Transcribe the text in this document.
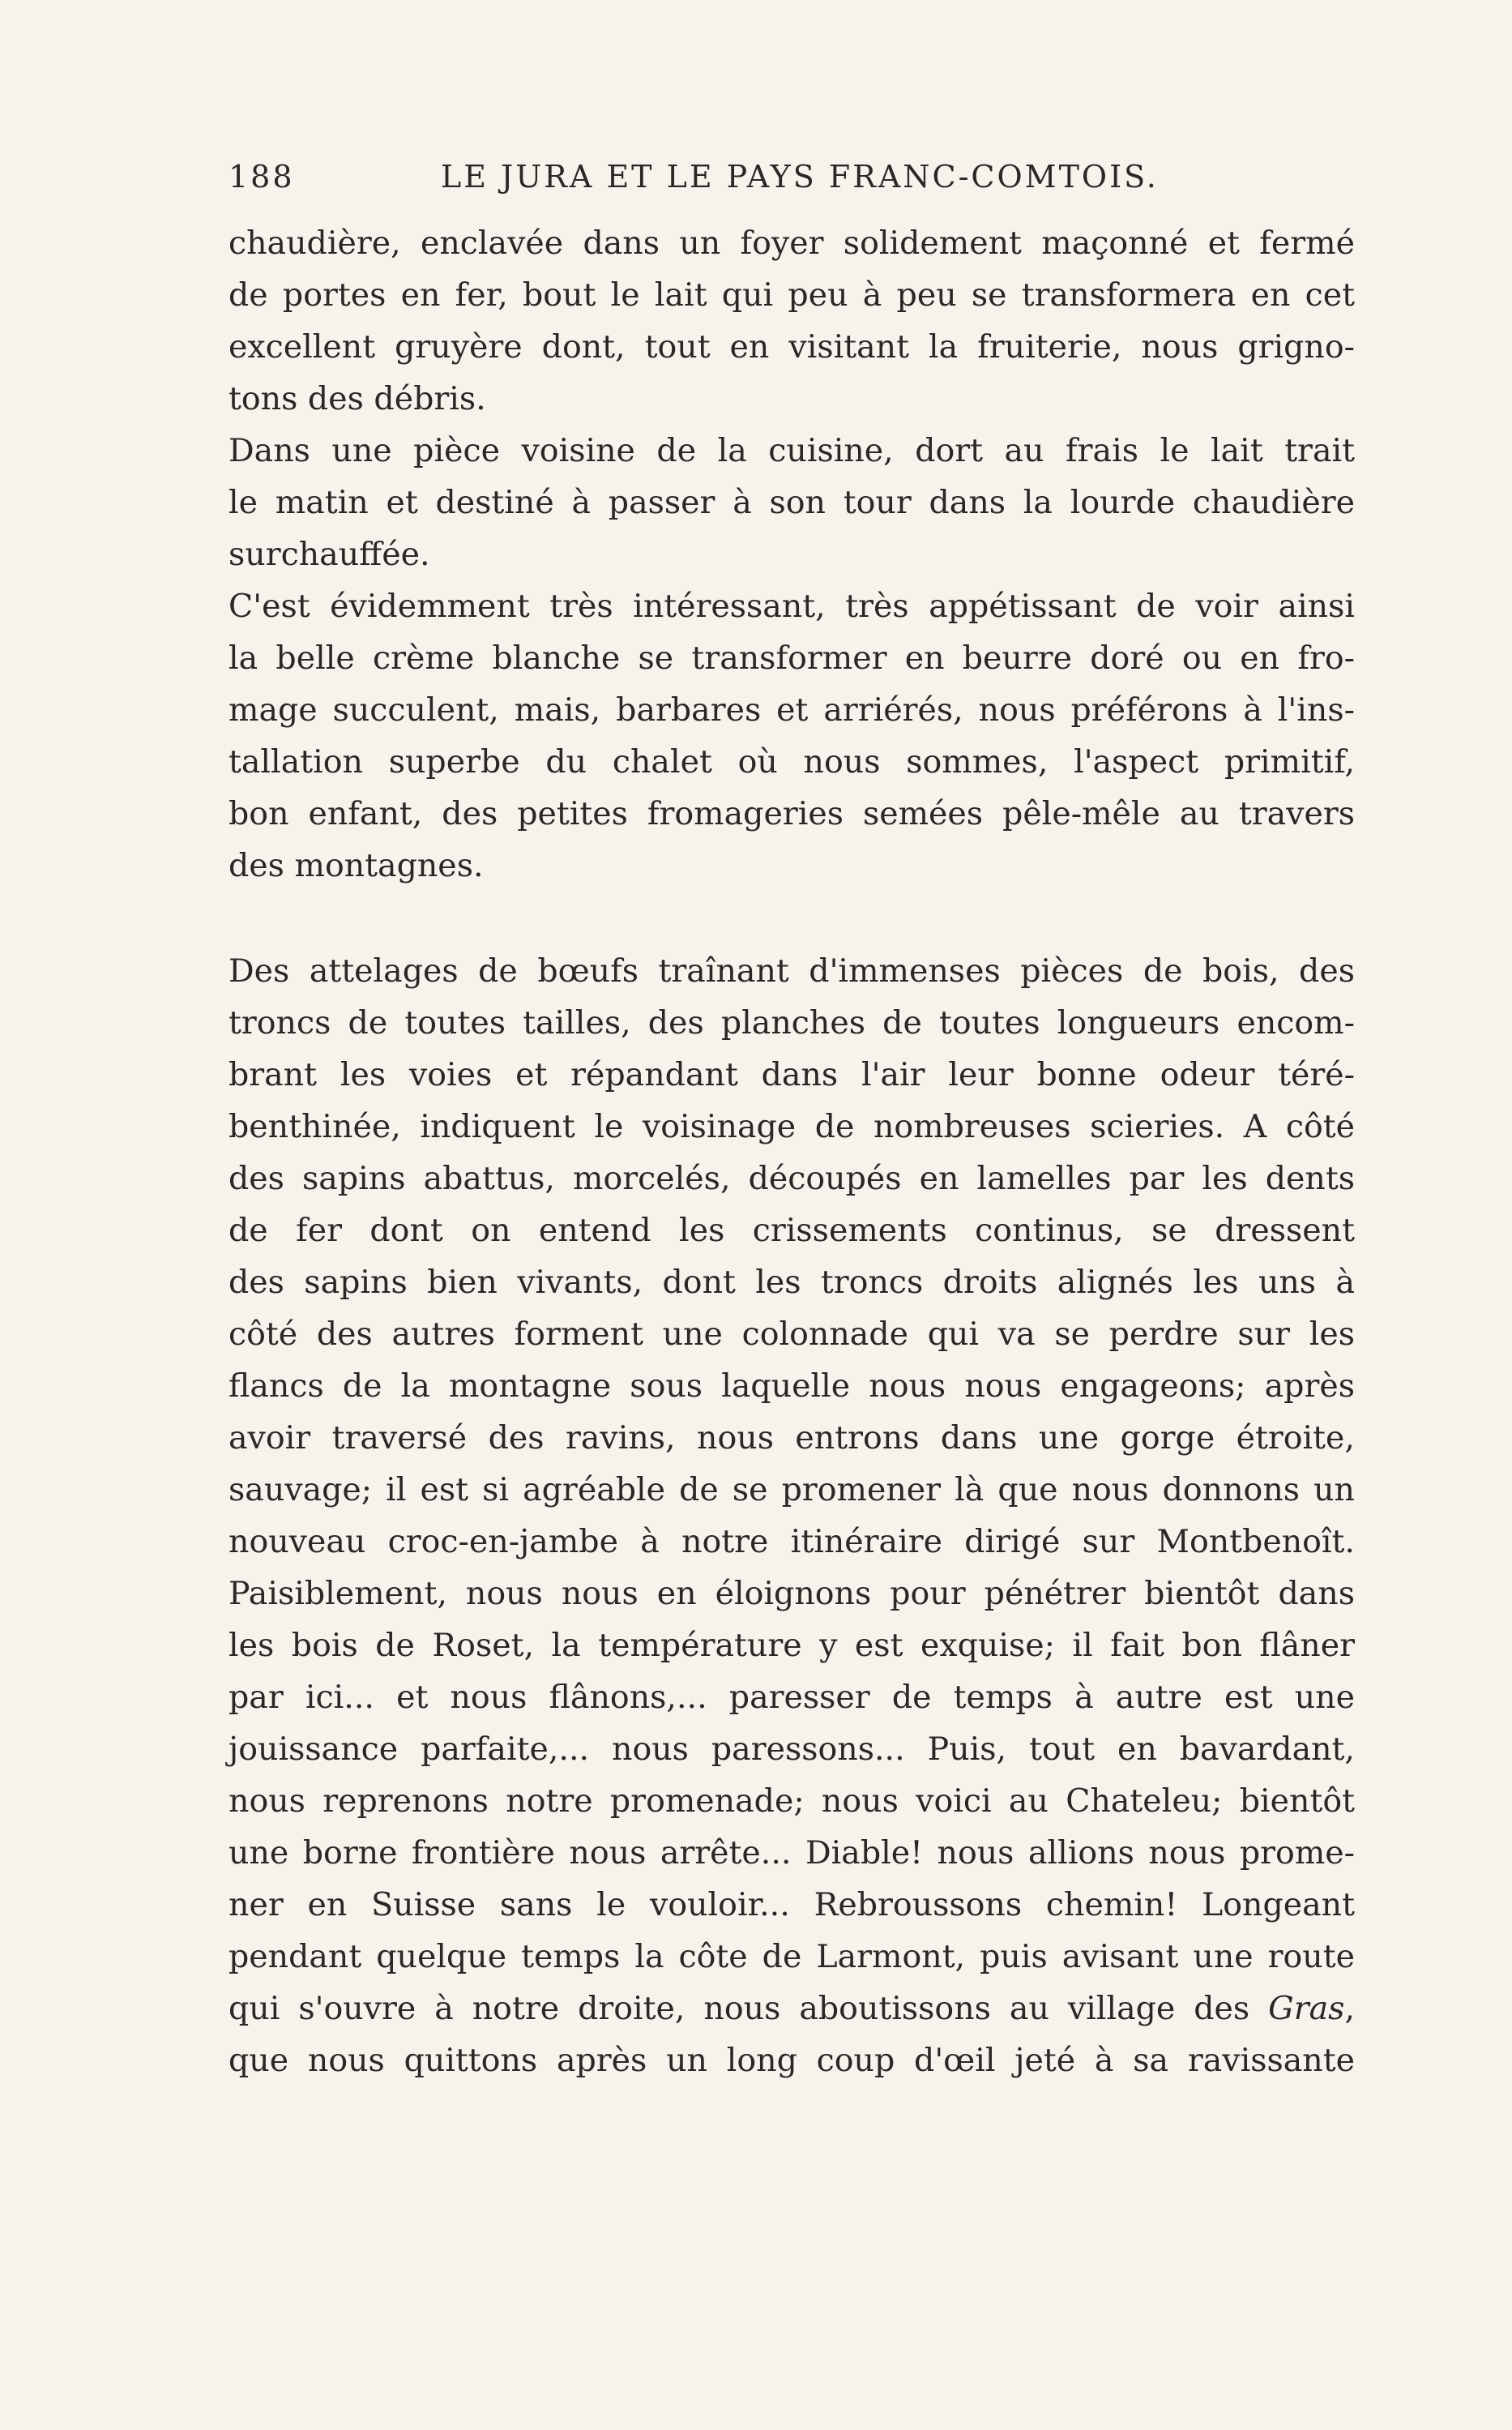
188	LE JURA ET LE PAYS FRANC-COMTOIS.
chaudière, enclavée dans un foyer solidement maçonné et fermé
de portes en fer, bout le lait qui peu à peu se transformera en cet
excellent gruyère dont, tout en visitant la fruiterie, nous grigno-
tons des débris.
Dans une pièce voisine de la cuisine, dort au frais le lait trait
le matin et destiné à passer à son tour dans la lourde chaudière
surchauffée.
C'est évidemment très intéressant, très appétissant de voir ainsi
la belle crème blanche se transformer en beurre doré ou en fro-
mage succulent, mais, barbares et arriérés, nous préférons à l'ins-
tallation superbe du chalet où nous sommes, l'aspect primitif,
bon enfant, des petites fromageries semées pêle-mêle au travers
des montagnes.
Des attelages de bœufs traînant d'immenses pièces de bois, des
troncs de toutes tailles, des planches de toutes longueurs encom-
brant les voies et répandant dans l'air leur bonne odeur téré-
benthinée, indiquent le voisinage de nombreuses scieries. A côté
des sapins abattus, morcelés, découpés en lamelles par les dents
de fer dont on entend les crissements continus, se dressent
des sapins bien vivants, dont les troncs droits alignés les uns à
côté des autres forment une colonnade qui va se perdre sur les
flancs de la montagne sous laquelle nous nous engageons; après
avoir traversé des ravins, nous entrons dans une gorge étroite,
sauvage; il est si agréable de se promener là que nous donnons un
nouveau croc-en-jambe à notre itinéraire dirigé sur Montbenoît.
Paisiblement, nous nous en éloignons pour pénétrer bientôt dans
les bois de Roset, la température y est exquise; il fait bon flâner
par ici... et nous flânons,... paresser de temps à autre est une
jouissance parfaite,... nous paressons... Puis, tout en bavardant,
nous reprenons notre promenade; nous voici au Chateleu; bientôt
une borne frontière nous arrête... Diable! nous allions nous prome-
ner en Suisse sans le vouloir... Rebroussons chemin! Longeant
pendant quelque temps la côte de Larmont, puis avisant une route
qui s'ouvre à notre droite, nous aboutissons au village des Gras,
que nous quittons après un long coup d'œil jeté à sa ravissante
